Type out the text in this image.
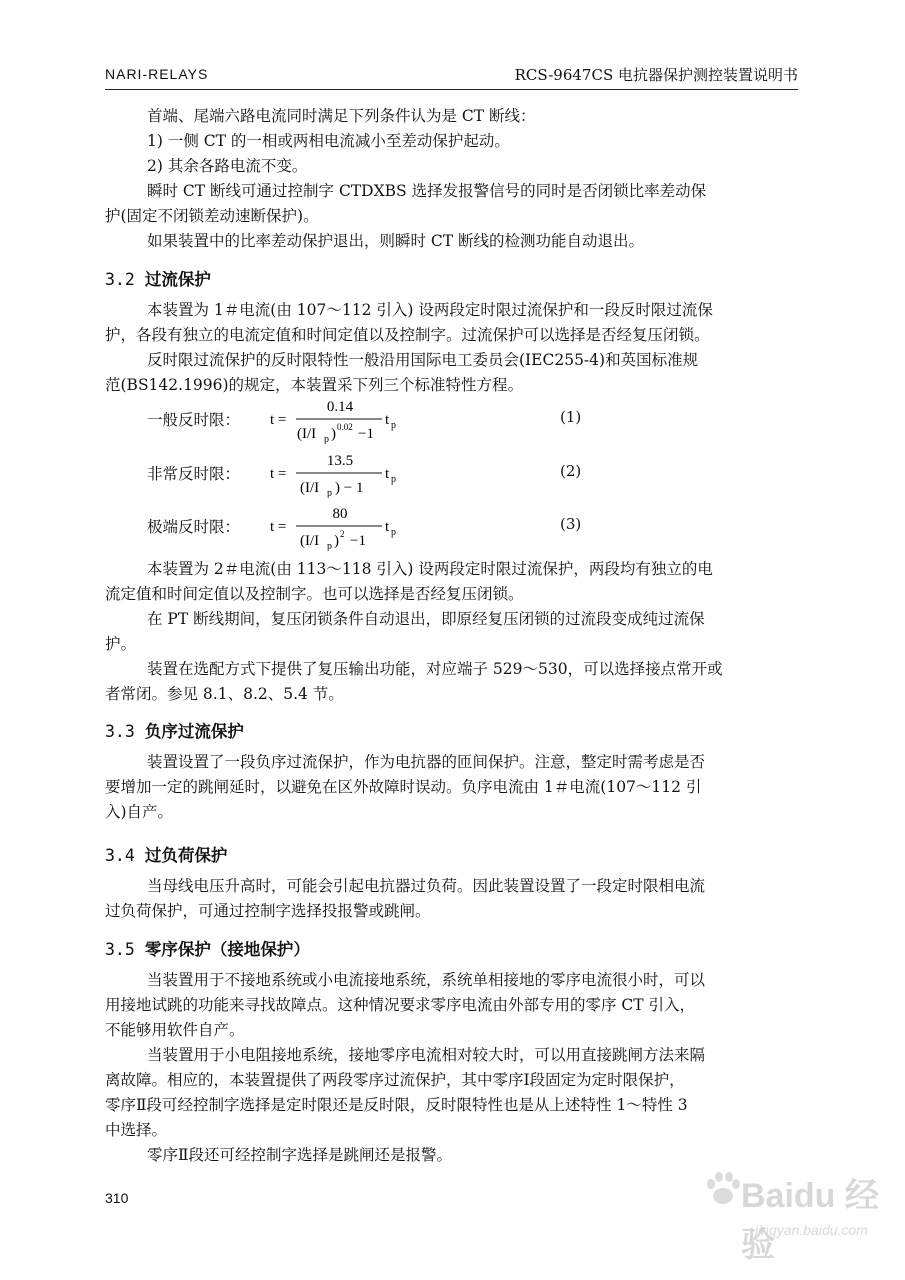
NARI-RELAYS	RCS-9647CS 电抗器保护测控装置说明书

首端、尾端六路电流同时满足下列条件认为是 CT 断线：

1) 一侧 CT 的一相或两相电流减小至差动保护起动。

2) 其余各路电流不变。

瞬时 CT 断线可通过控制字 CTDXBS 选择发报警信号的同时是否闭锁比率差动保

护(固定不闭锁差动速断保护)。

如果装置中的比率差动保护退出，则瞬时 CT 断线的检测功能自动退出。

3.2 过流保护

本装置为 1＃电流(由 107～112 引入) 设两段定时限过流保护和一段反时限过流保

护，各段有独立的电流定值和时间定值以及控制字。过流保护可以选择是否经复压闭锁。

反时限过流保护的反时限特性一般沿用国际电工委员会(IEC255-4)和英国标准规

范(BS142.1996)的规定，本装置采下列三个标准特性方程。

一般反时限： t =
0.14
(I/I p ) 0.02 −1
t p	(1)
非常反时限： t =
13.5
(I/I p ) − 1
t p	(2)
极端反时限： t =
80
(I/I p ) 2 −1
t p	(3)

本装置为 2＃电流(由 113～118 引入) 设两段定时限过流保护，两段均有独立的电

流定值和时间定值以及控制字。也可以选择是否经复压闭锁。

在 PT 断线期间，复压闭锁条件自动退出，即原经复压闭锁的过流段变成纯过流保

护。

装置在选配方式下提供了复压输出功能，对应端子 529～530，可以选择接点常开或

者常闭。参见 8.1、8.2、5.4 节。

3.3 负序过流保护

装置设置了一段负序过流保护，作为电抗器的匝间保护。注意，整定时需考虑是否

要增加一定的跳闸延时，以避免在区外故障时误动。负序电流由 1＃电流(107～112 引

入)自产。

3.4 过负荷保护

当母线电压升高时，可能会引起电抗器过负荷。因此装置设置了一段定时限相电流

过负荷保护，可通过控制字选择投报警或跳闸。

3.5 零序保护（接地保护）

当装置用于不接地系统或小电流接地系统，系统单相接地的零序电流很小时，可以

用接地试跳的功能来寻找故障点。这种情况要求零序电流由外部专用的零序 CT 引入，

不能够用软件自产。

当装置用于小电阻接地系统，接地零序电流相对较大时，可以用直接跳闸方法来隔

离故障。相应的，本装置提供了两段零序过流保护，其中零序Ⅰ段固定为定时限保护，

零序Ⅱ段可经控制字选择是定时限还是反时限，反时限特性也是从上述特性 1～特性 3

中选择。

零序Ⅱ段还可经控制字选择是跳闸还是报警。

310	Baidu 经验
jingyan.baidu.com
